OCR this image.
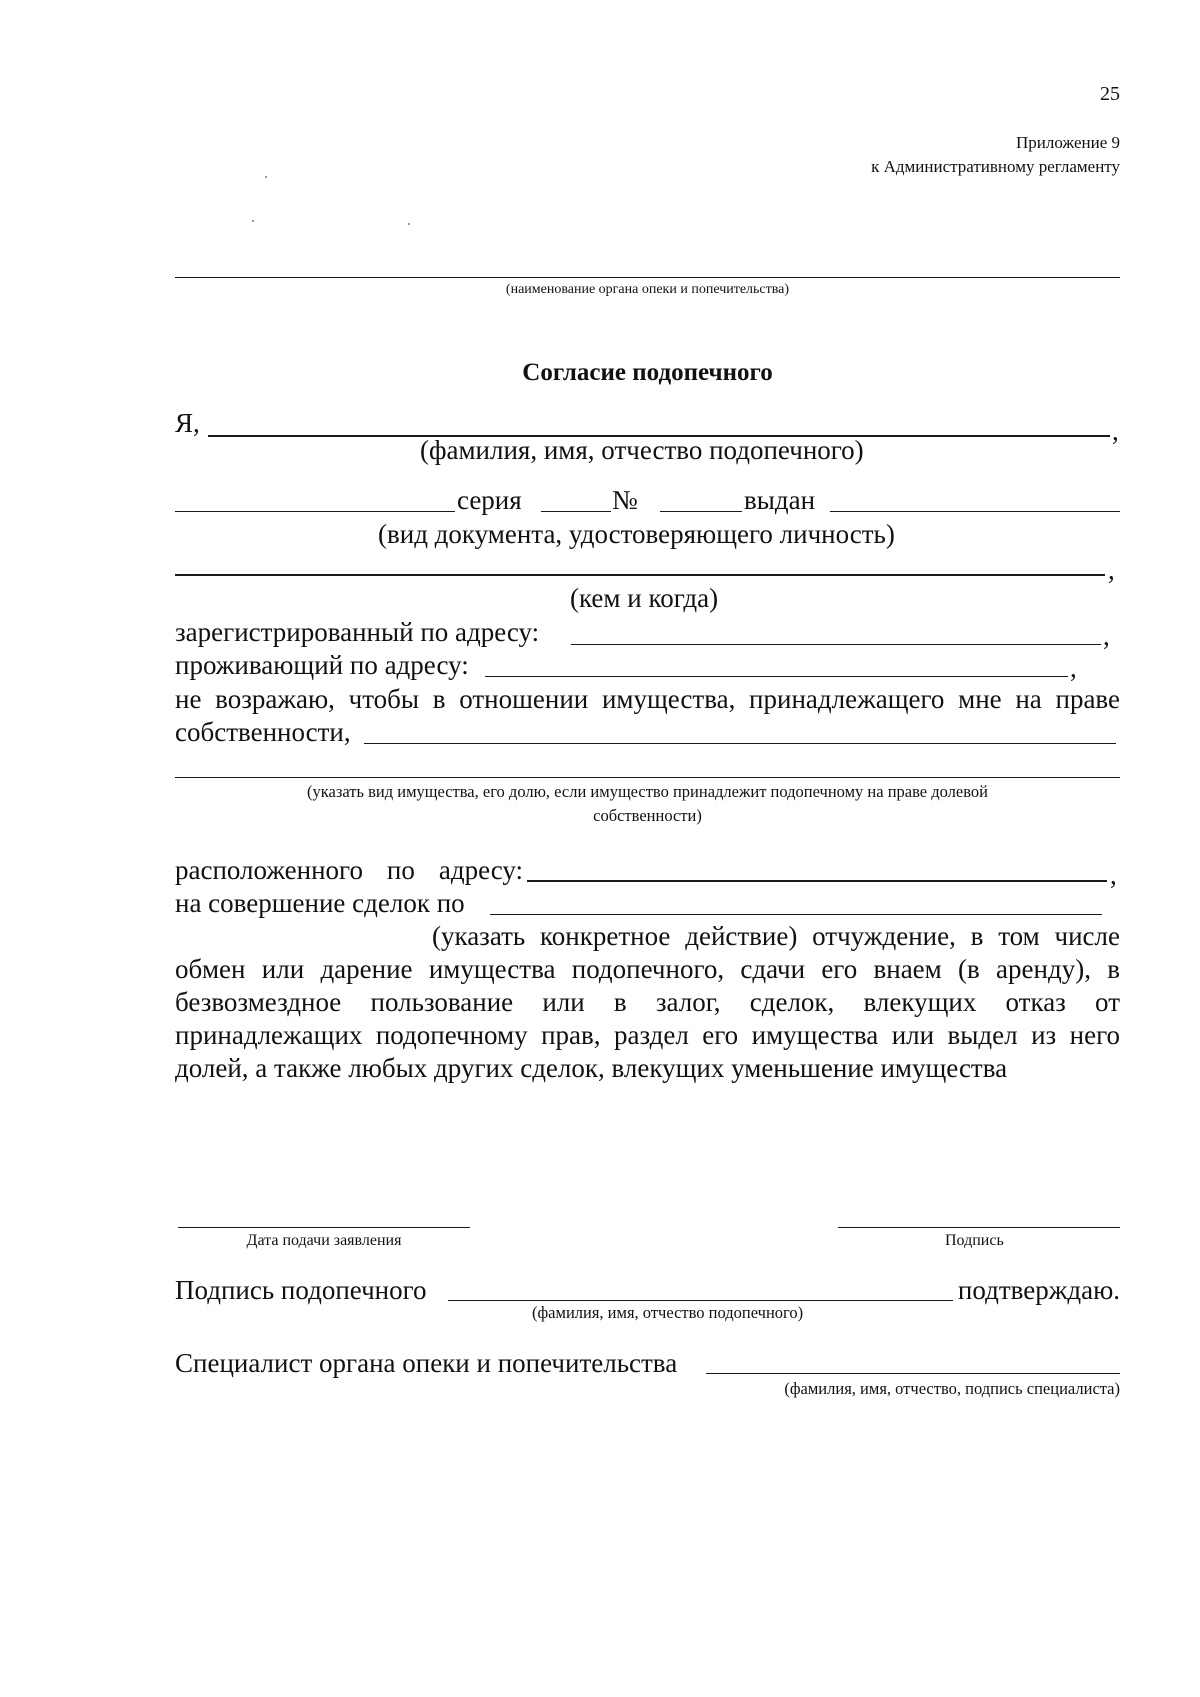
25
Приложение 9
к Административному регламенту
(наименование органа опеки и попечительства)
Согласие подопечного
Я,	,
(фамилия, имя, отчество подопечного)
серия	№	выдан
(вид документа, удостоверяющего личность)
,
(кем и когда)
зарегистрированный по адресу:	,
проживающий по адресу:	,
не возражаю, чтобы в отношении имущества, принадлежащего мне на праве
собственности,
(указать вид имущества, его долю, если имущество принадлежит подопечному на праве долевой
собственности)
расположенного по адресу:	,
на совершение сделок по
(указать конкретное действие) отчуждение, в том числе
обмен или дарение имущества подопечного, сдачи его внаем (в аренду), в
безвозмездное пользование или в залог, сделок, влекущих отказ от
принадлежащих подопечному прав, раздел его имущества или выдел из него
долей, а также любых других сделок, влекущих уменьшение имущества
Дата подачи заявления	Подпись
Подпись подопечного	подтверждаю.
(фамилия, имя, отчество подопечного)
Специалист органа опеки и попечительства
(фамилия, имя, отчество, подпись специалиста)
